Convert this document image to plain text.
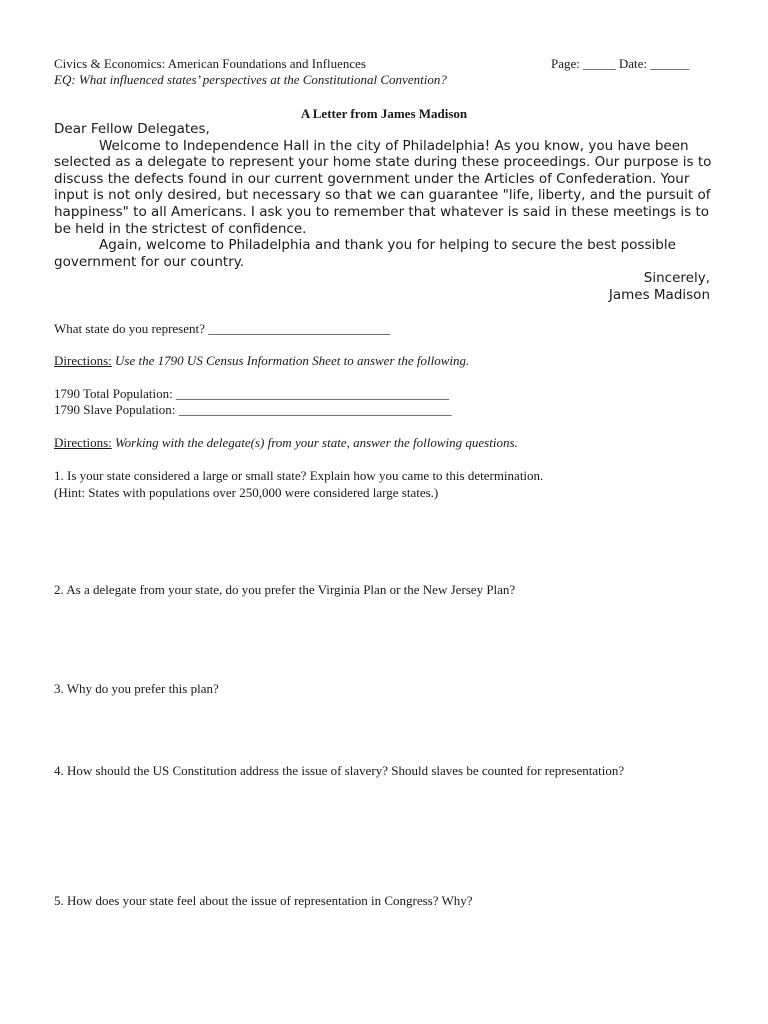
Civics & Economics: American Foundations and Influences	Page: _____ Date: ______
EQ: What influenced states’ perspectives at the Constitutional Convention?
A Letter from James Madison

Dear Fellow Delegates,

Welcome to Independence Hall in the city of Philadelphia! As you know, you have been selected as a delegate to represent your home state during these proceedings. Our purpose is to discuss the defects found in our current government under the Articles of Confederation. Your input is not only desired, but necessary so that we can guarantee "life, liberty, and the pursuit of happiness" to all Americans. I ask you to remember that whatever is said in these meetings is to be held in the strictest of confidence.

Again, welcome to Philadelphia and thank you for helping to secure the best possible government for our country.

Sincerely,
James Madison
What state do you represent? ____________________________
Directions: Use the 1790 US Census Information Sheet to answer the following.
1790 Total Population: __________________________________________
1790 Slave Population: __________________________________________
Directions: Working with the delegate(s) from your state, answer the following questions.
1. Is your state considered a large or small state? Explain how you came to this determination.
(Hint: States with populations over 250,000 were considered large states.)
2. As a delegate from your state, do you prefer the Virginia Plan or the New Jersey Plan?
3. Why do you prefer this plan?
4. How should the US Constitution address the issue of slavery? Should slaves be counted for representation?
5. How does your state feel about the issue of representation in Congress? Why?
